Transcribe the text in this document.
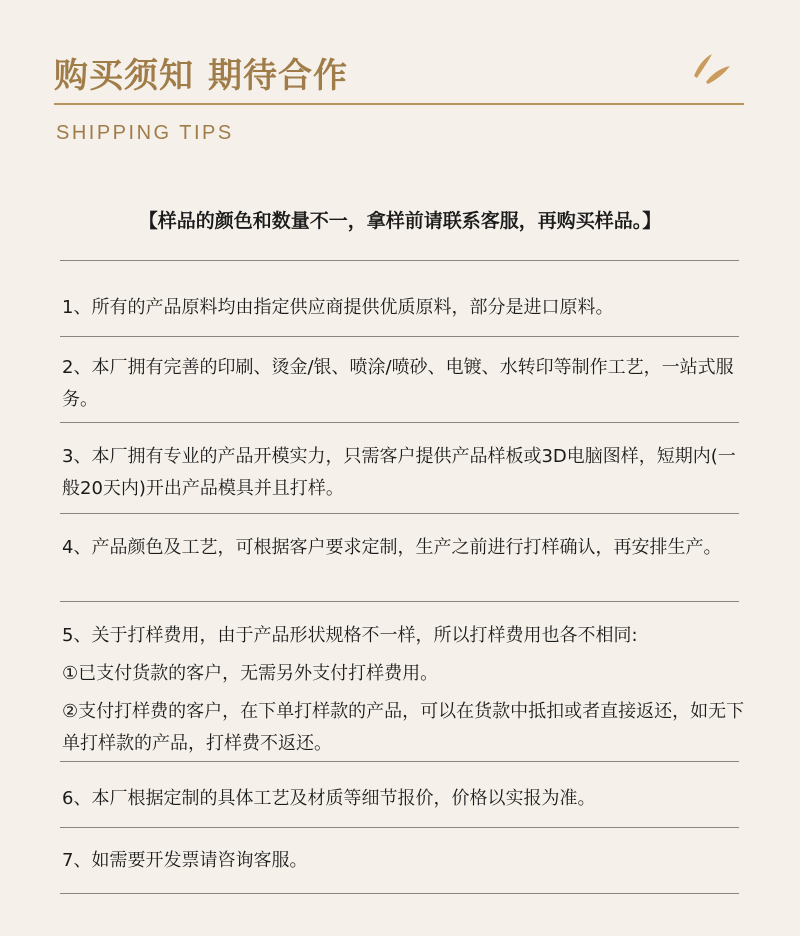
购买须知 期待合作
SHIPPING TIPS
【样品的颜色和数量不一，拿样前请联系客服，再购买样品。】

1、所有的产品原料均由指定供应商提供优质原料，部分是进口原料。

2、本厂拥有完善的印刷、烫金/银、喷涂/喷砂、电镀、水转印等制作工艺，一站式服务。

3、本厂拥有专业的产品开模实力，只需客户提供产品样板或3D电脑图样，短期内(一般20天内)开出产品模具并且打样。

4、产品颜色及工艺，可根据客户要求定制，生产之前进行打样确认，再安排生产。

5、关于打样费用，由于产品形状规格不一样，所以打样费用也各不相同:

①已支付货款的客户，无需另外支付打样费用。

②支付打样费的客户，在下单打样款的产品，可以在货款中抵扣或者直接返还，如无下单打样款的产品，打样费不返还。

6、本厂根据定制的具体工艺及材质等细节报价，价格以实报为准。

7、如需要开发票请咨询客服。
